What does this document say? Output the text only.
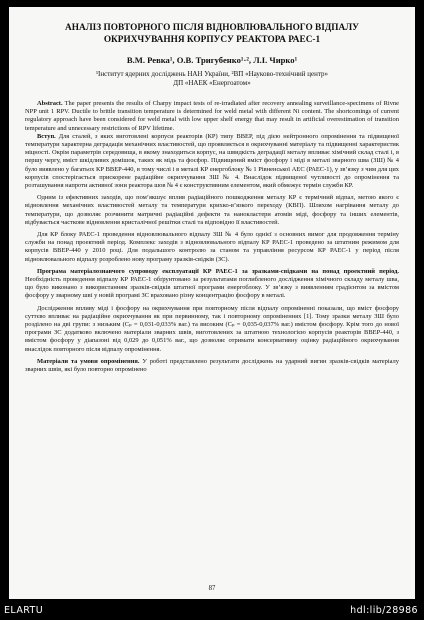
АНАЛІЗ ПОВТОРНОГО ПІСЛЯ ВІДНОВЛЮВАЛЬНОГО ВІДПАЛУ ОКРИХЧУВАННЯ КОРПУСУ РЕАКТОРА РАЕС-1
В.М. Ревка¹, О.В. Тригубенко¹·², Л.І. Чирко¹
¹Інститут ядерних досліджень НАН України, ²ВП «Науково-технічний центр»
ДП «НАЕК «Енергоатом»

Abstract. The paper presents the results of Charpy impact tests of re-irradiated after recovery annealing surveillance-specimens of Rivne NPP unit 1 RPV. Ductile to brittle transition temperature is determined for weld metal with different Ni content. The shortcomings of current regulatory approach have been considered for weld metal with low upper shelf energy that may result in artificial overestimation of transition temperature and unnecessary restrictions of RPV lifetime.

Вступ. Для сталей, з яких виготовлені корпуси реакторів (КР) типу ВВЕР, під дією нейтронного опромінення та підвищеної температури характерна деградація механічних властивостей, що проявляється в окрихчуванні матеріалу та підвищенні характеристик міцності. Окрім параметрів середовища, в якому знаходиться корпус, на швидкість деградації металу впливає хімічний склад сталі і, в першу чергу, вміст шкідливих домішок, таких як мідь та фосфор. Підвищений вміст фосфору і міді в металі зварного шва (ЗШ) № 4 було виявлено у багатьох КР ВВЕР-440, в тому числі і в металі КР енергоблоку № 1 Рівненської АЕС (РАЕС-1), у зв’язку з чим для цих корпусів спостерігається прискорене радіаційне окрихчування ЗШ № 4. Внаслідок підвищеної чутливості до опромінення та розташування напроти активної зони реактора шов № 4 є конструктивним елементом, який обмежує термін служби КР.

Одним із ефективних заходів, що пом’якшує вплив радіаційного пошкодження металу КР є термічний відпал, метою якого є відновлення механічних властивостей металу та температури крихко-в’язкого переходу (КВП). Шляхом нагрівання металу до температури, що дозволяє розчинити матричні радіаційні дефекти та нанокластери атомів міді, фосфору та інших елементів, відбувається часткове відновлення кристалічної решітки сталі та відповідно її властивостей.

Для КР блоку РАЕС-1 проведення відновлювального відпалу ЗШ № 4 було однієї з основних вимог для продовження терміну служби на понад проектний період. Комплекс заходів з відновлювального відпалу КР РАЕС-1 проведено за штатним режимом для корпусів ВВЕР-440 у 2010 році. Для подальшого контролю за станом та управління ресурсом КР РАЕС-1 у період після відновлювального відпалу розроблено нову програму зразків-свідків (ЗС).

Програма матеріалознавчого супроводу експлуатації КР РАЕС-1 за зразками-свідками на понад проектний період. Необхідність проведення відпалу КР РАЕС-1 обґрунтовано за результатами поглибленого дослідження хімічного складу металу шва, що було виконано з використанням зразків-свідків штатної програми енергоблоку. У зв’язку з виявленням градієнтом за вмістом фосфору у зварному шві у новій програмі ЗС враховано різну концентрацію фосфору в металі.

Дослідження впливу міді і фосфору на окрихчування при повторному після відпалу опроміненні показали, що вміст фосфору суттєво впливає на радіаційне окрихчування як при первинному, так і повторному опроміненнях [1]. Тому зразки металу ЗШ було розділено на дві групи: з низьким (Cₚ = 0,031-0,033% ваг.) та високим (Cₚ = 0,035-0,037% ваг.) вмістом фосфору. Крім того до нової програми ЗС додатково включено матеріали зварних швів, виготовлених за штатною технологією корпусів реакторів ВВЕР-440, з вмістом фосфору у діапазоні від 0,029 до 0,051% ваг., що дозволяє отримати консервативну оцінку радіаційного окрихчування внаслідок повторного після відпалу опромінення.

Матеріали та умови опромінення. У роботі представлено результати досліджень на ударний вигин зразків-свідків матеріалу зварних швів, які було повторно опромінено

87
ELARTU	hdl:lib/28986
